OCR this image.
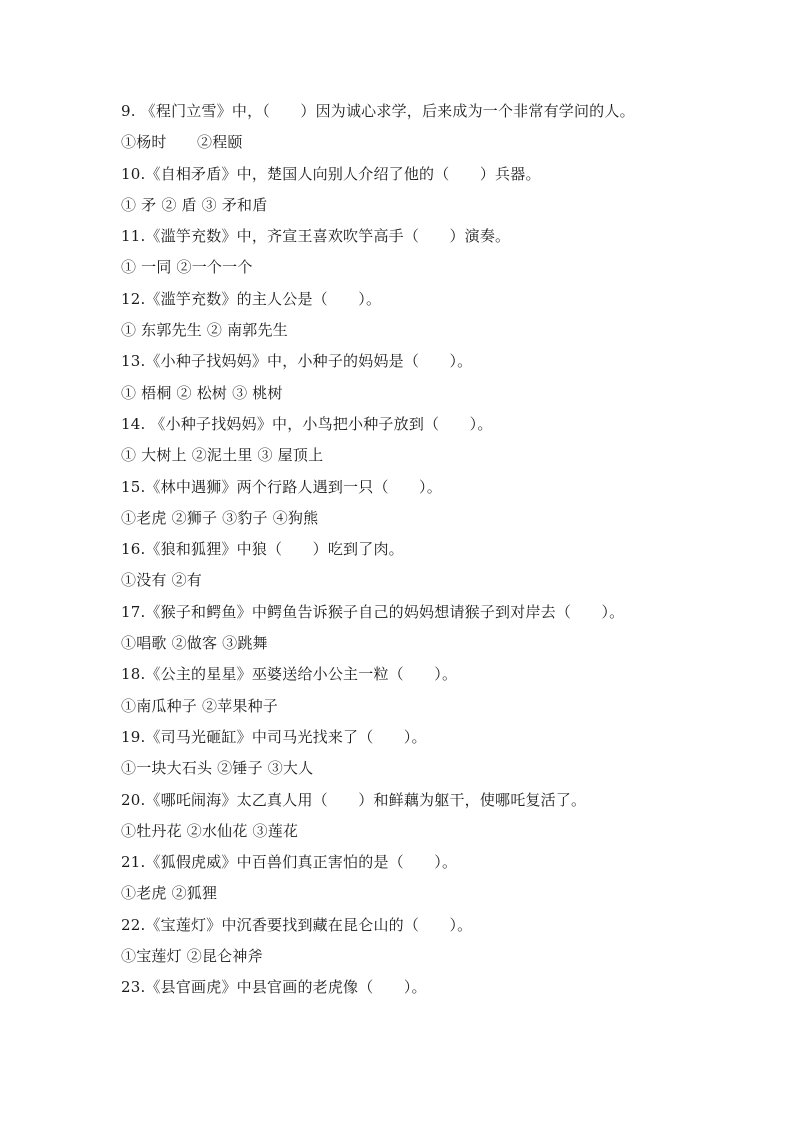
9. 《程门立雪》中，（　　）因为诚心求学，后来成为一个非常有学问的人。
①杨时　　②程颐
10.《自相矛盾》中，楚国人向别人介绍了他的（　　）兵器。
① 矛 ② 盾 ③ 矛和盾
11.《滥竽充数》中，齐宣王喜欢吹竽高手（　　）演奏。
① 一同 ②一个一个
12.《滥竽充数》的主人公是（　　）。
① 东郭先生 ② 南郭先生
13.《小种子找妈妈》中，小种子的妈妈是（　　）。
① 梧桐 ② 松树 ③ 桃树
14. 《小种子找妈妈》中，小鸟把小种子放到（　　）。
① 大树上 ②泥土里 ③ 屋顶上
15.《林中遇狮》两个行路人遇到一只（　　）。
①老虎 ②狮子 ③豹子 ④狗熊
16.《狼和狐狸》中狼（　　）吃到了肉。
①没有 ②有
17.《猴子和鳄鱼》中鳄鱼告诉猴子自己的妈妈想请猴子到对岸去（　　）。
①唱歌 ②做客 ③跳舞
18.《公主的星星》巫婆送给小公主一粒（　　）。
①南瓜种子 ②苹果种子
19.《司马光砸缸》中司马光找来了（　　）。
①一块大石头 ②锤子 ③大人
20.《哪吒闹海》太乙真人用（　　）和鲜藕为躯干，使哪吒复活了。
①牡丹花 ②水仙花 ③莲花
21.《狐假虎威》中百兽们真正害怕的是（　　）。
①老虎 ②狐狸
22.《宝莲灯》中沉香要找到藏在昆仑山的（　　）。
①宝莲灯 ②昆仑神斧
23.《县官画虎》中县官画的老虎像（　　）。
